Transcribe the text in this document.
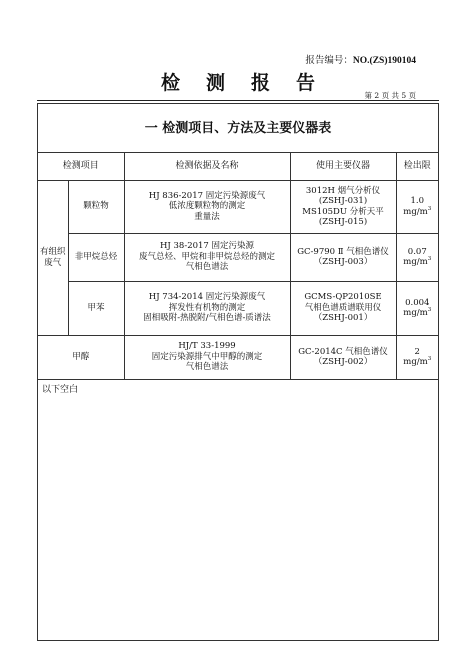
报告编号：NO.(ZS)190104
检测报告
第 2 页 共 5 页
一 检测项目、方法及主要仪器表
检测项目		检测依据及名称	使用主要仪器	检出限
有组织废气	颗粒物	HJ 836-2017 固定污染源废气
低浓度颗粒物的测定
重量法	3012H 烟气分析仪
(ZSHJ-031)
MS105DU 分析天平
(ZSHJ-015)	1.0
$mg/m^3$

	非甲烷总烃	HJ 38-2017 固定污染源
废气总烃、甲烷和非甲烷总烃的测定
气相色谱法	GC-9790 Ⅱ 气相色谱仪
（ZSHJ-003）	0.07
$mg/m^3$

	甲苯	HJ 734-2014 固定污染源废气
挥发性有机物的测定
固相吸附-热脱附/气相色谱-质谱法	GCMS-QP2010SE
气相色谱质谱联用仪
（ZSHJ-001）	0.004
$mg/m^3$

甲醇		HJ/T 33-1999
固定污染源排气中甲醇的测定
气相色谱法	GC-2014C 气相色谱仪
（ZSHJ-002）	2
$mg/m^3$
以下空白
